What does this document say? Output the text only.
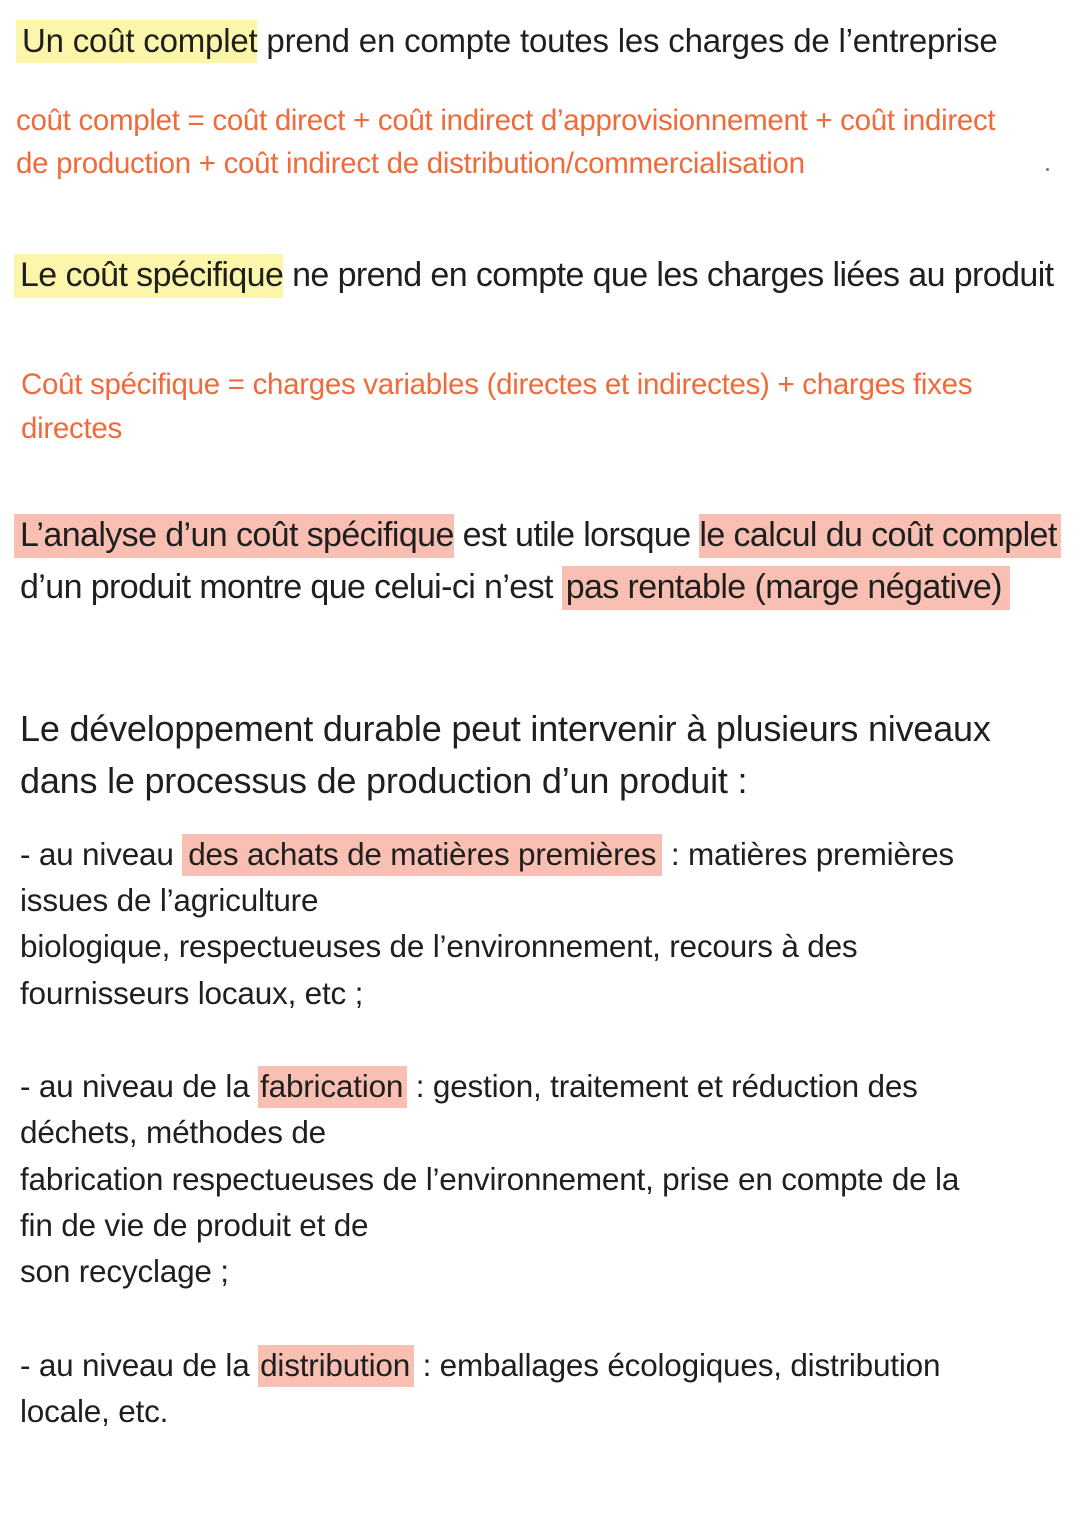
Un coût complet prend en compte toutes les charges de l’entreprise
coût complet = coût direct + coût indirect d’approvisionnement + coût indirect
de production + coût indirect de distribution/commercialisation
Le coût spécifique ne prend en compte que les charges liées au produit
Coût spécifique = charges variables (directes et indirectes) + charges fixes
directes
L’analyse d’un coût spécifique est utile lorsque le calcul du coût complet
d’un produit montre que celui-ci n’est pas rentable (marge négative)
Le développement durable peut intervenir à plusieurs niveaux
dans le processus de production d’un produit :
- au niveau des achats de matières premières : matières premières
issues de l’agriculture
biologique, respectueuses de l’environnement, recours à des
fournisseurs locaux, etc ;
- au niveau de la fabrication : gestion, traitement et réduction des
déchets, méthodes de
fabrication respectueuses de l’environnement, prise en compte de la
fin de vie de produit et de
son recyclage ;
- au niveau de la distribution : emballages écologiques, distribution
locale, etc.
